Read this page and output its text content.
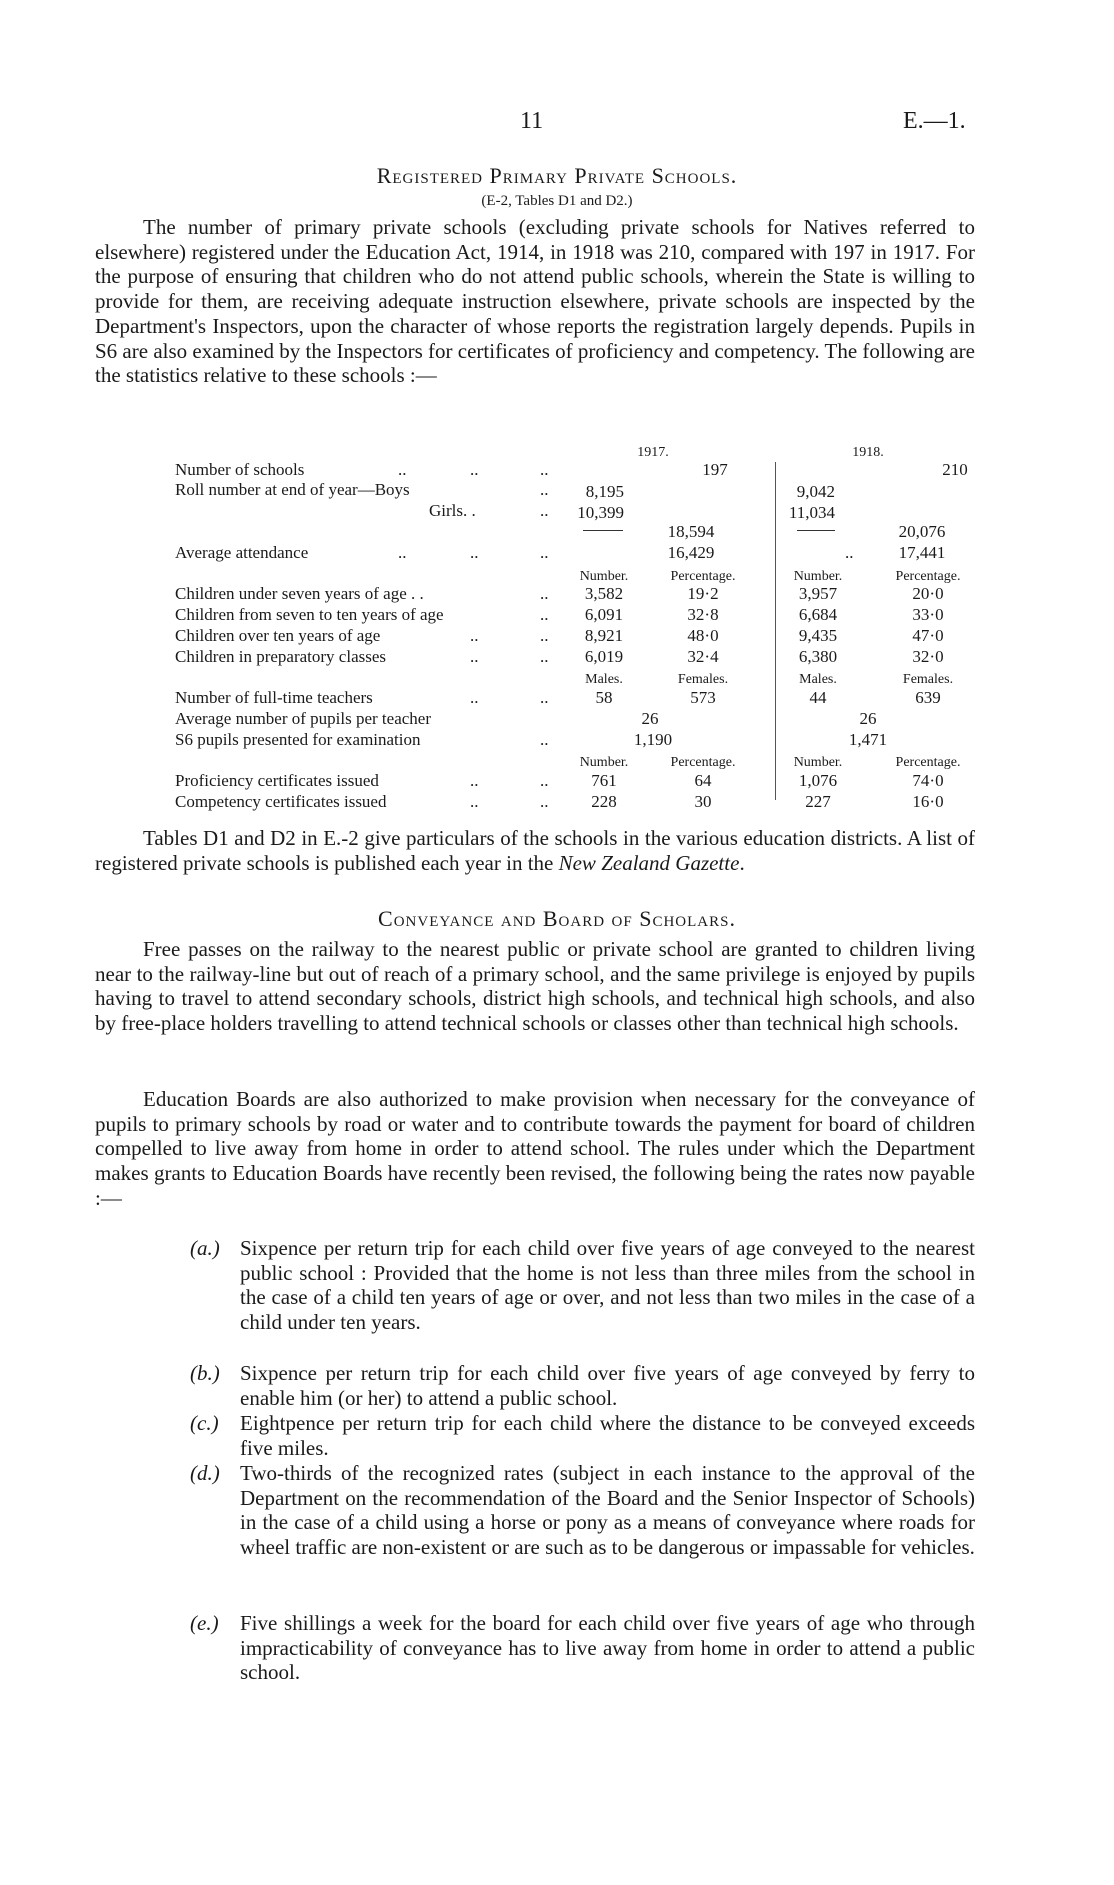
11	E.—1.
Registered Primary Private Schools.
(E-2, Tables D1 and D2.)

The number of primary private schools (excluding private schools for Natives referred to elsewhere) registered under the Education Act, 1914, in 1918 was 210, compared with 197 in 1917. For the purpose of ensuring that children who do not attend public schools, wherein the State is willing to provide for them, are receiving adequate instruction elsewhere, private schools are inspected by the Department's Inspectors, upon the character of whose reports the registration largely depends. Pupils in S6 are also examined by the Inspectors for certificates of proficiency and competency. The following are the statistics relative to these schools :—

1917.	1918.
Number of schools	..	..	..	197	210
Roll number at end of year—Boys	.. 8,195	9,042
Girls. .	.. 10,399	11,034
18,594	20,076
Average attendance	..	..	..	16,429	..	17,441
Number.	Percentage.	Number.	Percentage.
Children under seven years of age . .	.. 3,582	19·2	3,957	20·0
Children from seven to ten years of age	.. 6,091	32·8	6,684	33·0
Children over ten years of age	..	.. 8,921	48·0	9,435	47·0
Children in preparatory classes	..	.. 6,019	32·4	6,380	32·0
Males.	Females.	Males.	Females.
Number of full-time teachers	..	..	58	573	44	639
Average number of pupils per teacher	26	26
S6 pupils presented for examination	..	1,190	1,471
Number.	Percentage.	Number.	Percentage.
Proficiency certificates issued	..	..	761	64	1,076	74·0
Competency certificates issued	..	..	228	30	227	16·0

Tables D1 and D2 in E.-2 give particulars of the schools in the various education districts. A list of registered private schools is published each year in the New Zealand Gazette.

Conveyance and Board of Scholars.

Free passes on the railway to the nearest public or private school are granted to children living near to the railway-line but out of reach of a primary school, and the same privilege is enjoyed by pupils having to travel to attend secondary schools, district high schools, and technical high schools, and also by free-place holders travelling to attend technical schools or classes other than technical high schools.

Education Boards are also authorized to make provision when necessary for the conveyance of pupils to primary schools by road or water and to contribute towards the payment for board of children compelled to live away from home in order to attend school. The rules under which the Department makes grants to Education Boards have recently been revised, the following being the rates now payable :—

(a.) Sixpence per return trip for each child over five years of age conveyed to the nearest public school : Provided that the home is not less than three miles from the school in the case of a child ten years of age or over, and not less than two miles in the case of a child under ten years.
(b.) Sixpence per return trip for each child over five years of age conveyed by ferry to enable him (or her) to attend a public school.
(c.) Eightpence per return trip for each child where the distance to be conveyed exceeds five miles.
(d.) Two-thirds of the recognized rates (subject in each instance to the approval of the Department on the recommendation of the Board and the Senior Inspector of Schools) in the case of a child using a horse or pony as a means of conveyance where roads for wheel traffic are non-existent or are such as to be dangerous or impassable for vehicles.
(e.) Five shillings a week for the board for each child over five years of age who through impracticability of conveyance has to live away from home in order to attend a public school.
